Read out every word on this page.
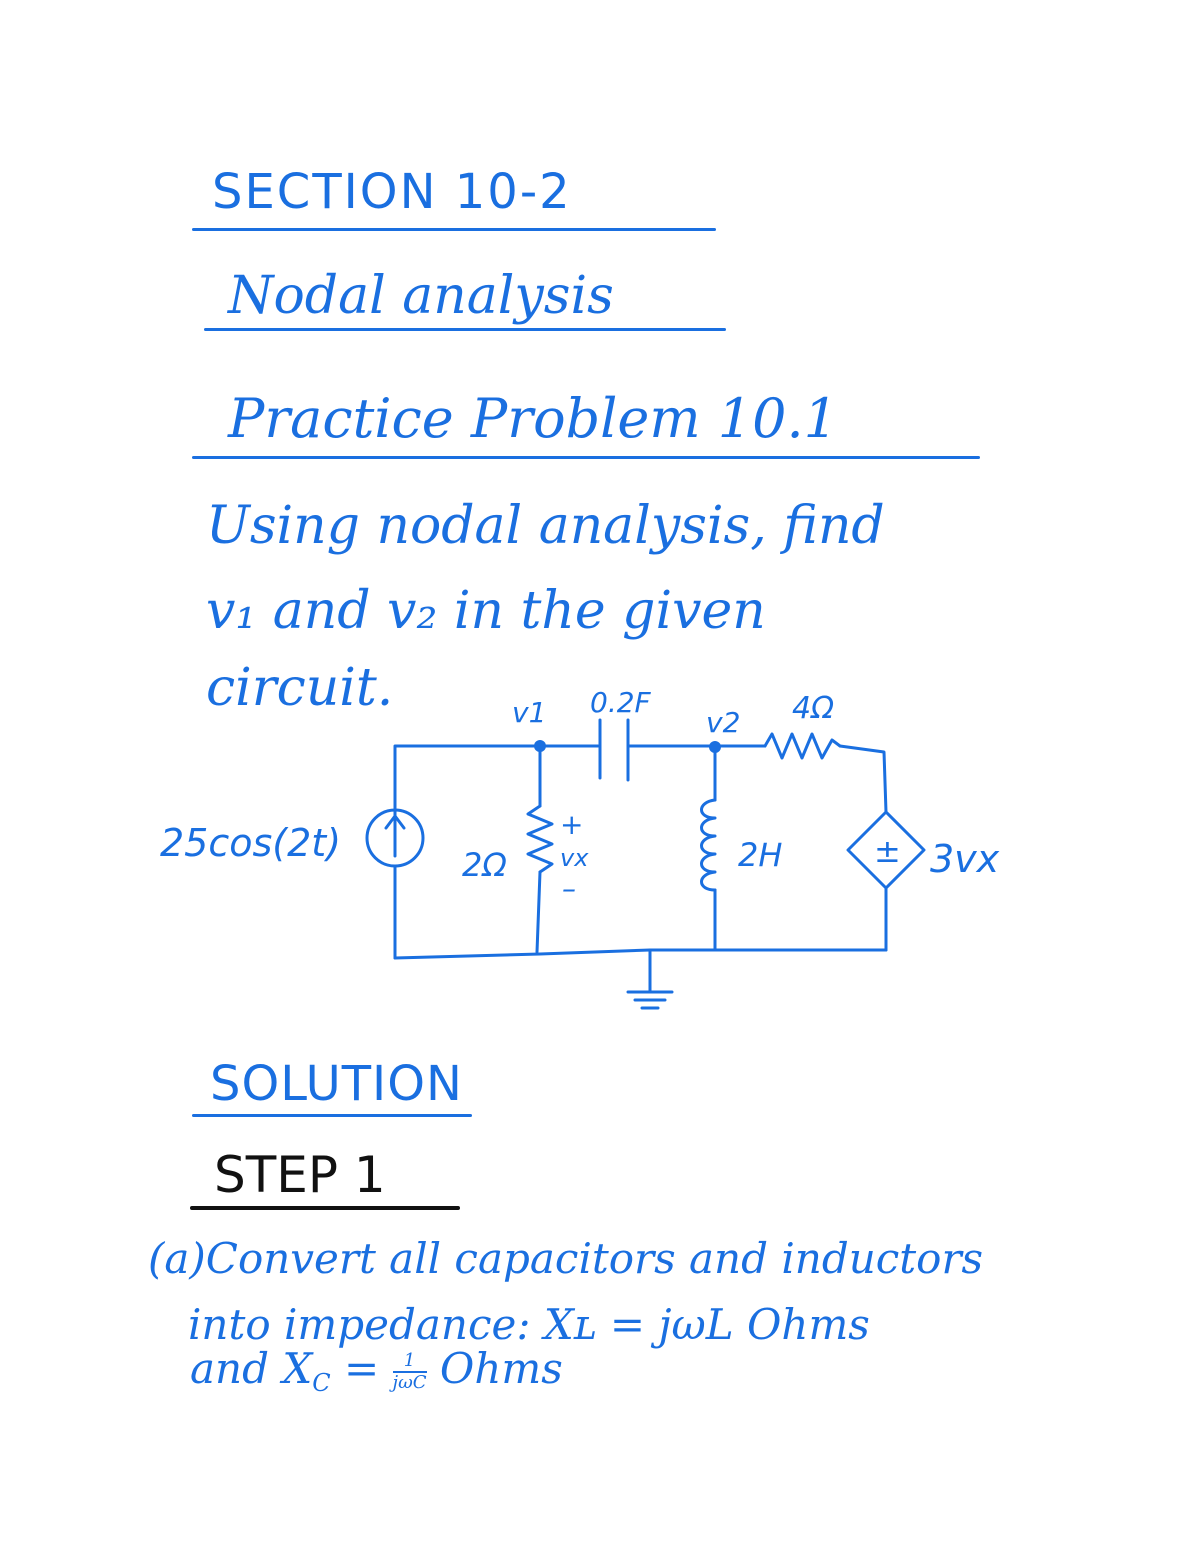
SECTION 10-2
Nodal analysis
Practice Problem 10.1
Using nodal analysis, find
v₁ and v₂ in the given
circuit.	v1 0.2F
v2 4Ω
25cos(2t)	2Ω
+
vx
–
2H	± 3vx
SOLUTION
STEP 1
(a)Convert all capacitors and inductors
into impedance: Xʟ = jωL Ohms
and XC = 1
jωC Ohms
